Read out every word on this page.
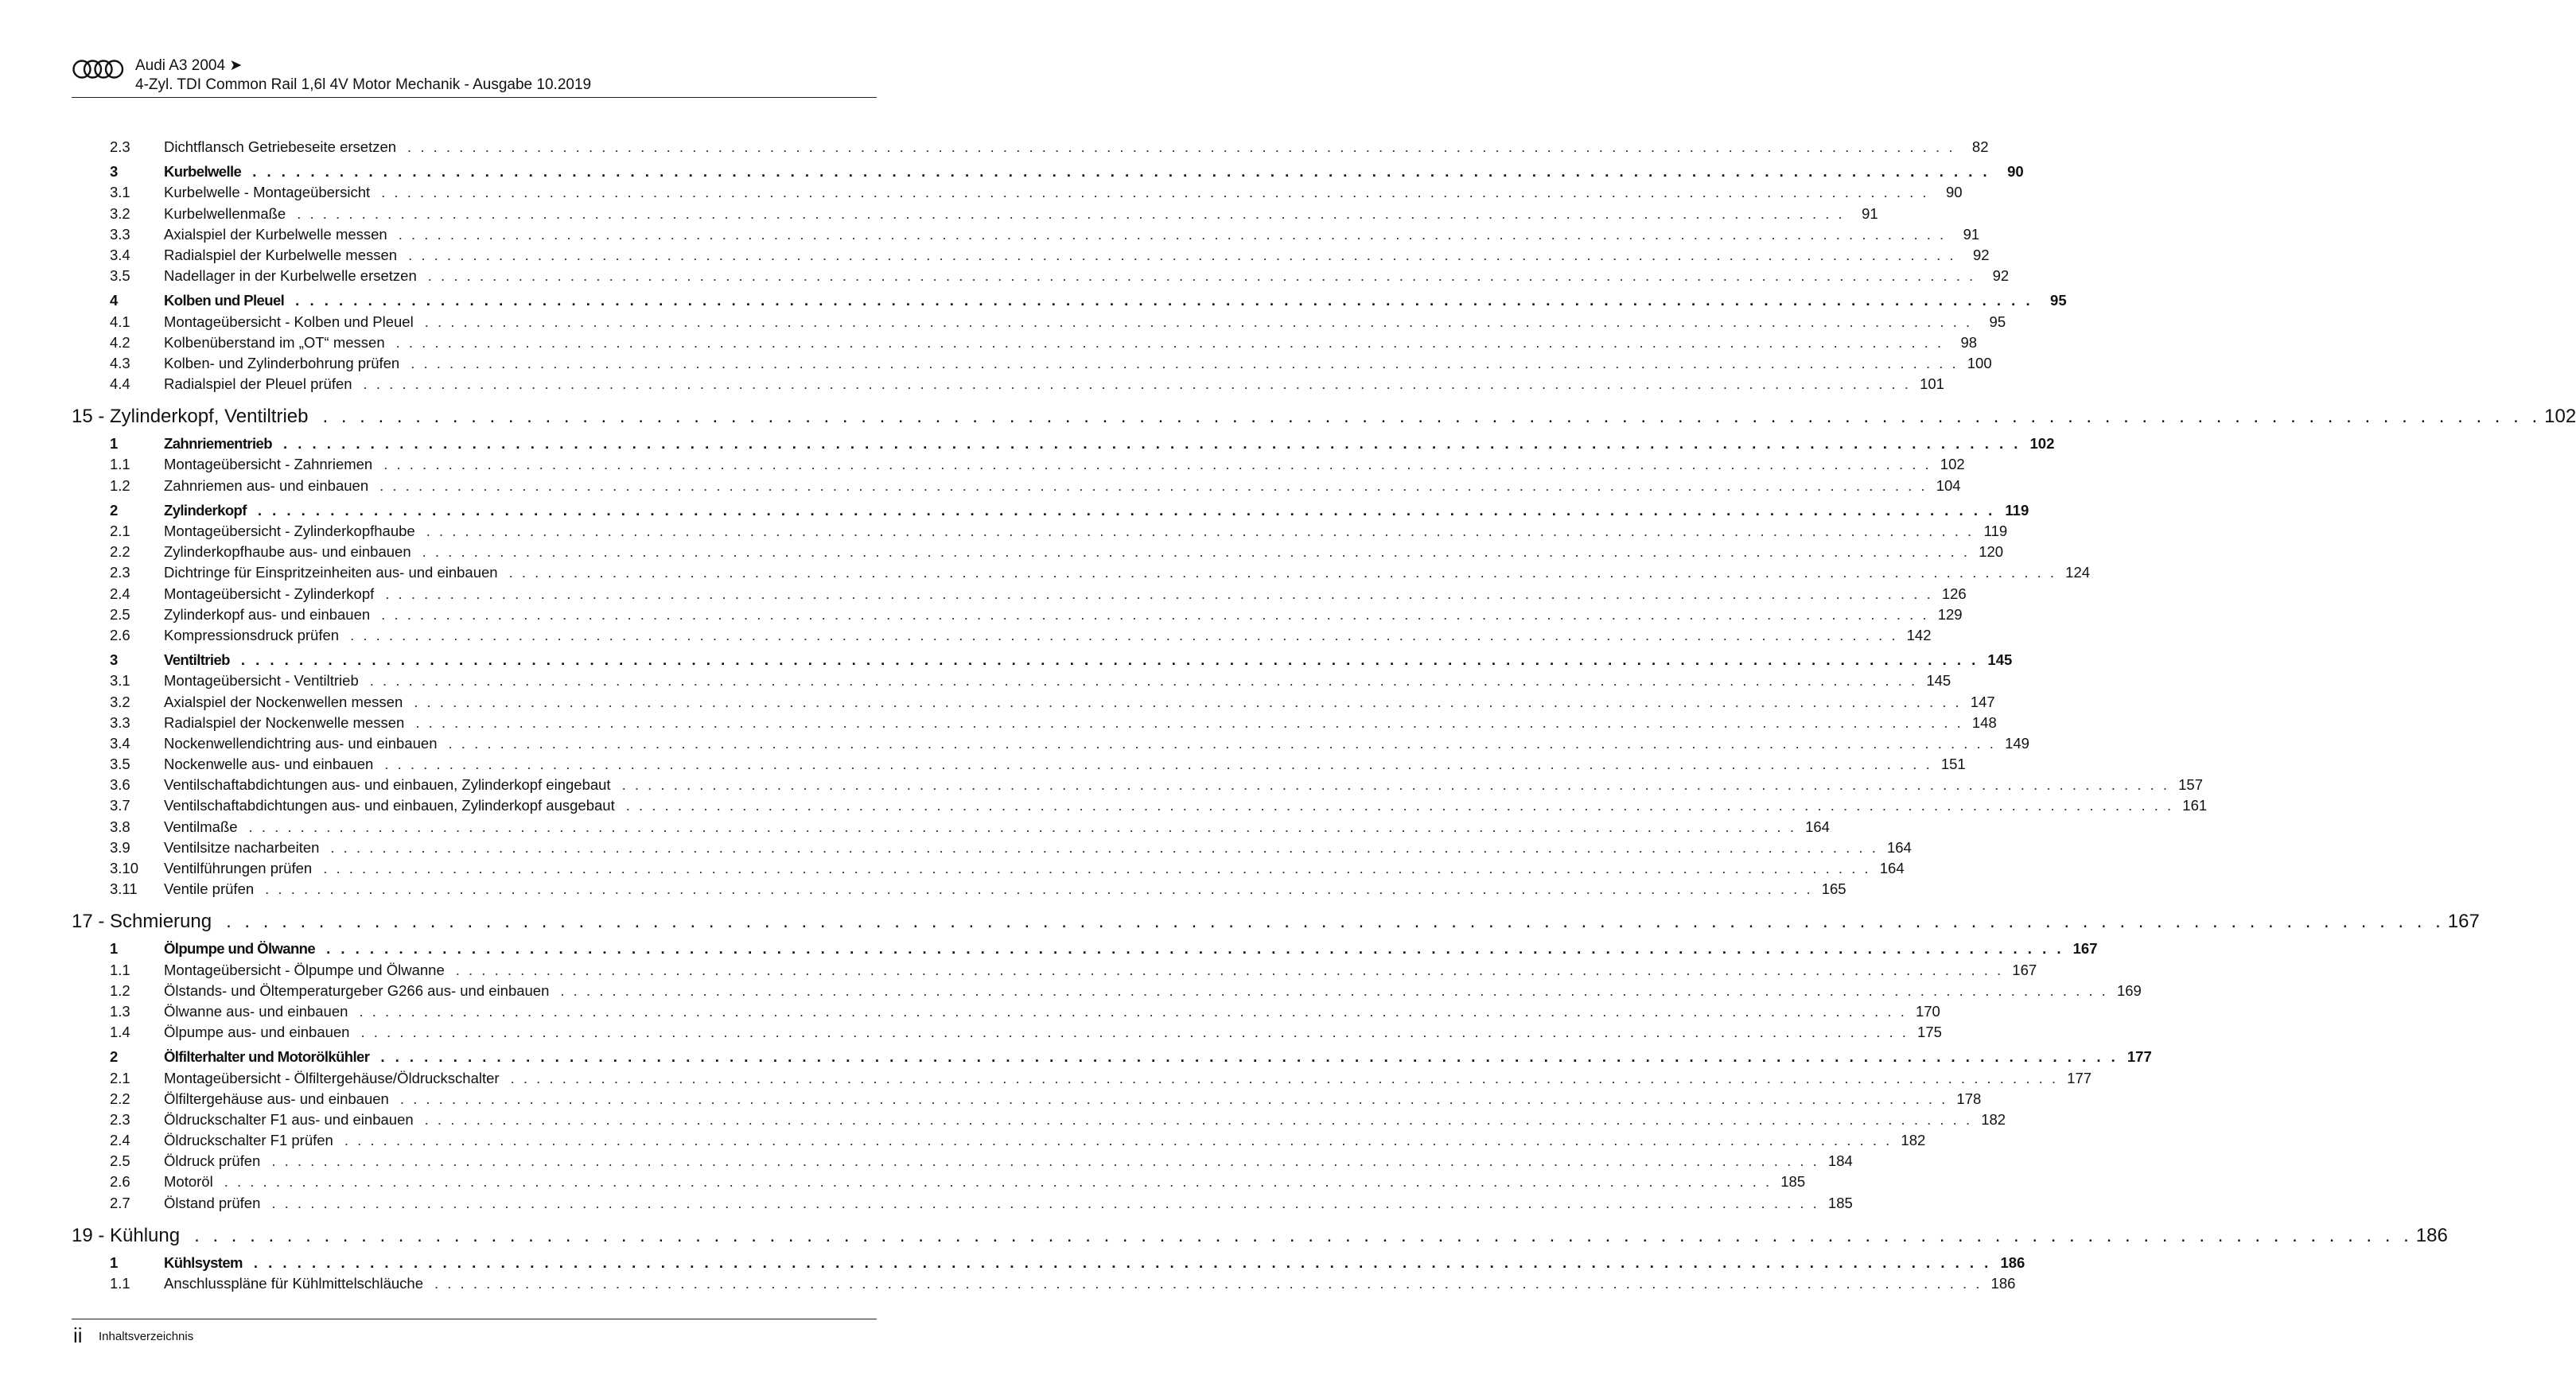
Audi A3 2004 ➤
4-Zyl. TDI Common Rail 1,6l 4V Motor Mechanik - Ausgabe 10.2019
2.3	Dichtflansch Getriebeseite ersetzen . . . . . . . . . . . . . . . . . . . . . . . . . . . . . . . . . . . . . . . . . . . . . . . . . . . . . . . . . . . . . . . . . . . . . . . . . . . . . . . . . . . . . . . . . . . . . . . . . . . . . . . . . . . . . . . . . . . . . . . .	82
3	Kurbelwelle . . . . . . . . . . . . . . . . . . . . . . . . . . . . . . . . . . . . . . . . . . . . . . . . . . . . . . . . . . . . . . . . . . . . . . . . . . . . . . . . . . . . . . . . . . . . . . . . . . . . . . . . . . . . . . . . . . . . . . . .	90
3.1	Kurbelwelle - Montageübersicht . . . . . . . . . . . . . . . . . . . . . . . . . . . . . . . . . . . . . . . . . . . . . . . . . . . . . . . . . . . . . . . . . . . . . . . . . . . . . . . . . . . . . . . . . . . . . . . . . . . . . . . . . . . . . . . . . . . . . . . .	90
3.2	Kurbelwellenmaße . . . . . . . . . . . . . . . . . . . . . . . . . . . . . . . . . . . . . . . . . . . . . . . . . . . . . . . . . . . . . . . . . . . . . . . . . . . . . . . . . . . . . . . . . . . . . . . . . . . . . . . . . . . . . . . . . . . . . . . .	91
3.3	Axialspiel der Kurbelwelle messen . . . . . . . . . . . . . . . . . . . . . . . . . . . . . . . . . . . . . . . . . . . . . . . . . . . . . . . . . . . . . . . . . . . . . . . . . . . . . . . . . . . . . . . . . . . . . . . . . . . . . . . . . . . . . . . . . . . . . . . .	91
3.4	Radialspiel der Kurbelwelle messen . . . . . . . . . . . . . . . . . . . . . . . . . . . . . . . . . . . . . . . . . . . . . . . . . . . . . . . . . . . . . . . . . . . . . . . . . . . . . . . . . . . . . . . . . . . . . . . . . . . . . . . . . . . . . . . . . . . . . . . .	92
3.5	Nadellager in der Kurbelwelle ersetzen . . . . . . . . . . . . . . . . . . . . . . . . . . . . . . . . . . . . . . . . . . . . . . . . . . . . . . . . . . . . . . . . . . . . . . . . . . . . . . . . . . . . . . . . . . . . . . . . . . . . . . . . . . . . . . . . . . . . . . . .	92
4	Kolben und Pleuel . . . . . . . . . . . . . . . . . . . . . . . . . . . . . . . . . . . . . . . . . . . . . . . . . . . . . . . . . . . . . . . . . . . . . . . . . . . . . . . . . . . . . . . . . . . . . . . . . . . . . . . . . . . . . . . . . . . . . . . .	95
4.1	Montageübersicht - Kolben und Pleuel . . . . . . . . . . . . . . . . . . . . . . . . . . . . . . . . . . . . . . . . . . . . . . . . . . . . . . . . . . . . . . . . . . . . . . . . . . . . . . . . . . . . . . . . . . . . . . . . . . . . . . . . . . . . . . . . . . . . . . . .	95
4.2	Kolbenüberstand im „OT“ messen . . . . . . . . . . . . . . . . . . . . . . . . . . . . . . . . . . . . . . . . . . . . . . . . . . . . . . . . . . . . . . . . . . . . . . . . . . . . . . . . . . . . . . . . . . . . . . . . . . . . . . . . . . . . . . . . . . . . . . . .	98
4.3	Kolben- und Zylinderbohrung prüfen . . . . . . . . . . . . . . . . . . . . . . . . . . . . . . . . . . . . . . . . . . . . . . . . . . . . . . . . . . . . . . . . . . . . . . . . . . . . . . . . . . . . . . . . . . . . . . . . . . . . . . . . . . . . . . . . . . . . . . . . 100
4.4	Radialspiel der Pleuel prüfen . . . . . . . . . . . . . . . . . . . . . . . . . . . . . . . . . . . . . . . . . . . . . . . . . . . . . . . . . . . . . . . . . . . . . . . . . . . . . . . . . . . . . . . . . . . . . . . . . . . . . . . . . . . . . . . . . . . . . . . . 101
15 - Zylinderkopf, Ventiltrieb . . . . . . . . . . . . . . . . . . . . . . . . . . . . . . . . . . . . . . . . . . . . . . . . . . . . . . . . . . . . . . . . . . . . . . . . . . . . . . . . . . . . . . . . . . . . . . . . . . . . . . . . . . . . . . . . . . . . . . . . 102
1	Zahnriementrieb . . . . . . . . . . . . . . . . . . . . . . . . . . . . . . . . . . . . . . . . . . . . . . . . . . . . . . . . . . . . . . . . . . . . . . . . . . . . . . . . . . . . . . . . . . . . . . . . . . . . . . . . . . . . . . . . . . . . . . . . 102
1.1	Montageübersicht - Zahnriemen . . . . . . . . . . . . . . . . . . . . . . . . . . . . . . . . . . . . . . . . . . . . . . . . . . . . . . . . . . . . . . . . . . . . . . . . . . . . . . . . . . . . . . . . . . . . . . . . . . . . . . . . . . . . . . . . . . . . . . . . 102
1.2	Zahnriemen aus- und einbauen . . . . . . . . . . . . . . . . . . . . . . . . . . . . . . . . . . . . . . . . . . . . . . . . . . . . . . . . . . . . . . . . . . . . . . . . . . . . . . . . . . . . . . . . . . . . . . . . . . . . . . . . . . . . . . . . . . . . . . . . 104
2	Zylinderkopf . . . . . . . . . . . . . . . . . . . . . . . . . . . . . . . . . . . . . . . . . . . . . . . . . . . . . . . . . . . . . . . . . . . . . . . . . . . . . . . . . . . . . . . . . . . . . . . . . . . . . . . . . . . . . . . . . . . . . . . . 119
2.1	Montageübersicht - Zylinderkopfhaube . . . . . . . . . . . . . . . . . . . . . . . . . . . . . . . . . . . . . . . . . . . . . . . . . . . . . . . . . . . . . . . . . . . . . . . . . . . . . . . . . . . . . . . . . . . . . . . . . . . . . . . . . . . . . . . . . . . . . . . . 119
2.2	Zylinderkopfhaube aus- und einbauen . . . . . . . . . . . . . . . . . . . . . . . . . . . . . . . . . . . . . . . . . . . . . . . . . . . . . . . . . . . . . . . . . . . . . . . . . . . . . . . . . . . . . . . . . . . . . . . . . . . . . . . . . . . . . . . . . . . . . . . . 120
2.3	Dichtringe für Einspritzeinheiten aus- und einbauen . . . . . . . . . . . . . . . . . . . . . . . . . . . . . . . . . . . . . . . . . . . . . . . . . . . . . . . . . . . . . . . . . . . . . . . . . . . . . . . . . . . . . . . . . . . . . . . . . . . . . . . . . . . . . . . . . . . . . . . . 124
2.4	Montageübersicht - Zylinderkopf . . . . . . . . . . . . . . . . . . . . . . . . . . . . . . . . . . . . . . . . . . . . . . . . . . . . . . . . . . . . . . . . . . . . . . . . . . . . . . . . . . . . . . . . . . . . . . . . . . . . . . . . . . . . . . . . . . . . . . . . 126
2.5	Zylinderkopf aus- und einbauen . . . . . . . . . . . . . . . . . . . . . . . . . . . . . . . . . . . . . . . . . . . . . . . . . . . . . . . . . . . . . . . . . . . . . . . . . . . . . . . . . . . . . . . . . . . . . . . . . . . . . . . . . . . . . . . . . . . . . . . . 129
2.6	Kompressionsdruck prüfen . . . . . . . . . . . . . . . . . . . . . . . . . . . . . . . . . . . . . . . . . . . . . . . . . . . . . . . . . . . . . . . . . . . . . . . . . . . . . . . . . . . . . . . . . . . . . . . . . . . . . . . . . . . . . . . . . . . . . . . . 142
3	Ventiltrieb . . . . . . . . . . . . . . . . . . . . . . . . . . . . . . . . . . . . . . . . . . . . . . . . . . . . . . . . . . . . . . . . . . . . . . . . . . . . . . . . . . . . . . . . . . . . . . . . . . . . . . . . . . . . . . . . . . . . . . . . 145
3.1	Montageübersicht - Ventiltrieb . . . . . . . . . . . . . . . . . . . . . . . . . . . . . . . . . . . . . . . . . . . . . . . . . . . . . . . . . . . . . . . . . . . . . . . . . . . . . . . . . . . . . . . . . . . . . . . . . . . . . . . . . . . . . . . . . . . . . . . . 145
3.2	Axialspiel der Nockenwellen messen . . . . . . . . . . . . . . . . . . . . . . . . . . . . . . . . . . . . . . . . . . . . . . . . . . . . . . . . . . . . . . . . . . . . . . . . . . . . . . . . . . . . . . . . . . . . . . . . . . . . . . . . . . . . . . . . . . . . . . . . 147
3.3	Radialspiel der Nockenwelle messen . . . . . . . . . . . . . . . . . . . . . . . . . . . . . . . . . . . . . . . . . . . . . . . . . . . . . . . . . . . . . . . . . . . . . . . . . . . . . . . . . . . . . . . . . . . . . . . . . . . . . . . . . . . . . . . . . . . . . . . . 148
3.4	Nockenwellendichtring aus- und einbauen . . . . . . . . . . . . . . . . . . . . . . . . . . . . . . . . . . . . . . . . . . . . . . . . . . . . . . . . . . . . . . . . . . . . . . . . . . . . . . . . . . . . . . . . . . . . . . . . . . . . . . . . . . . . . . . . . . . . . . . . 149
3.5	Nockenwelle aus- und einbauen . . . . . . . . . . . . . . . . . . . . . . . . . . . . . . . . . . . . . . . . . . . . . . . . . . . . . . . . . . . . . . . . . . . . . . . . . . . . . . . . . . . . . . . . . . . . . . . . . . . . . . . . . . . . . . . . . . . . . . . . 151
3.6	Ventilschaftabdichtungen aus- und einbauen, Zylinderkopf eingebaut . . . . . . . . . . . . . . . . . . . . . . . . . . . . . . . . . . . . . . . . . . . . . . . . . . . . . . . . . . . . . . . . . . . . . . . . . . . . . . . . . . . . . . . . . . . . . . . . . . . . . . . . . . . . . . . . . . . . . . . . 157
3.7	Ventilschaftabdichtungen aus- und einbauen, Zylinderkopf ausgebaut . . . . . . . . . . . . . . . . . . . . . . . . . . . . . . . . . . . . . . . . . . . . . . . . . . . . . . . . . . . . . . . . . . . . . . . . . . . . . . . . . . . . . . . . . . . . . . . . . . . . . . . . . . . . . . . . . . . . . . . . 161
3.8	Ventilmaße . . . . . . . . . . . . . . . . . . . . . . . . . . . . . . . . . . . . . . . . . . . . . . . . . . . . . . . . . . . . . . . . . . . . . . . . . . . . . . . . . . . . . . . . . . . . . . . . . . . . . . . . . . . . . . . . . . . . . . . . 164
3.9	Ventilsitze nacharbeiten . . . . . . . . . . . . . . . . . . . . . . . . . . . . . . . . . . . . . . . . . . . . . . . . . . . . . . . . . . . . . . . . . . . . . . . . . . . . . . . . . . . . . . . . . . . . . . . . . . . . . . . . . . . . . . . . . . . . . . . . 164
3.10	Ventilführungen prüfen . . . . . . . . . . . . . . . . . . . . . . . . . . . . . . . . . . . . . . . . . . . . . . . . . . . . . . . . . . . . . . . . . . . . . . . . . . . . . . . . . . . . . . . . . . . . . . . . . . . . . . . . . . . . . . . . . . . . . . . . 164
3.11	Ventile prüfen . . . . . . . . . . . . . . . . . . . . . . . . . . . . . . . . . . . . . . . . . . . . . . . . . . . . . . . . . . . . . . . . . . . . . . . . . . . . . . . . . . . . . . . . . . . . . . . . . . . . . . . . . . . . . . . . . . . . . . . . 165
17 - Schmierung . . . . . . . . . . . . . . . . . . . . . . . . . . . . . . . . . . . . . . . . . . . . . . . . . . . . . . . . . . . . . . . . . . . . . . . . . . . . . . . . . . . . . . . . . . . . . . . . . . . . . . . . . . . . . . . . . . . . . . . . 167
1	Ölpumpe und Ölwanne . . . . . . . . . . . . . . . . . . . . . . . . . . . . . . . . . . . . . . . . . . . . . . . . . . . . . . . . . . . . . . . . . . . . . . . . . . . . . . . . . . . . . . . . . . . . . . . . . . . . . . . . . . . . . . . . . . . . . . . . 167
1.1	Montageübersicht - Ölpumpe und Ölwanne . . . . . . . . . . . . . . . . . . . . . . . . . . . . . . . . . . . . . . . . . . . . . . . . . . . . . . . . . . . . . . . . . . . . . . . . . . . . . . . . . . . . . . . . . . . . . . . . . . . . . . . . . . . . . . . . . . . . . . . . 167
1.2	Ölstands- und Öltemperaturgeber G266 aus- und einbauen . . . . . . . . . . . . . . . . . . . . . . . . . . . . . . . . . . . . . . . . . . . . . . . . . . . . . . . . . . . . . . . . . . . . . . . . . . . . . . . . . . . . . . . . . . . . . . . . . . . . . . . . . . . . . . . . . . . . . . . . 169
1.3	Ölwanne aus- und einbauen . . . . . . . . . . . . . . . . . . . . . . . . . . . . . . . . . . . . . . . . . . . . . . . . . . . . . . . . . . . . . . . . . . . . . . . . . . . . . . . . . . . . . . . . . . . . . . . . . . . . . . . . . . . . . . . . . . . . . . . . 170
1.4	Ölpumpe aus- und einbauen . . . . . . . . . . . . . . . . . . . . . . . . . . . . . . . . . . . . . . . . . . . . . . . . . . . . . . . . . . . . . . . . . . . . . . . . . . . . . . . . . . . . . . . . . . . . . . . . . . . . . . . . . . . . . . . . . . . . . . . . 175
2	Ölfilterhalter und Motorölkühler . . . . . . . . . . . . . . . . . . . . . . . . . . . . . . . . . . . . . . . . . . . . . . . . . . . . . . . . . . . . . . . . . . . . . . . . . . . . . . . . . . . . . . . . . . . . . . . . . . . . . . . . . . . . . . . . . . . . . . . . 177
2.1	Montageübersicht - Ölfiltergehäuse/Öldruckschalter . . . . . . . . . . . . . . . . . . . . . . . . . . . . . . . . . . . . . . . . . . . . . . . . . . . . . . . . . . . . . . . . . . . . . . . . . . . . . . . . . . . . . . . . . . . . . . . . . . . . . . . . . . . . . . . . . . . . . . . . 177
2.2	Ölfiltergehäuse aus- und einbauen . . . . . . . . . . . . . . . . . . . . . . . . . . . . . . . . . . . . . . . . . . . . . . . . . . . . . . . . . . . . . . . . . . . . . . . . . . . . . . . . . . . . . . . . . . . . . . . . . . . . . . . . . . . . . . . . . . . . . . . . 178
2.3	Öldruckschalter F1 aus- und einbauen . . . . . . . . . . . . . . . . . . . . . . . . . . . . . . . . . . . . . . . . . . . . . . . . . . . . . . . . . . . . . . . . . . . . . . . . . . . . . . . . . . . . . . . . . . . . . . . . . . . . . . . . . . . . . . . . . . . . . . . . 182
2.4	Öldruckschalter F1 prüfen . . . . . . . . . . . . . . . . . . . . . . . . . . . . . . . . . . . . . . . . . . . . . . . . . . . . . . . . . . . . . . . . . . . . . . . . . . . . . . . . . . . . . . . . . . . . . . . . . . . . . . . . . . . . . . . . . . . . . . . . 182
2.5	Öldruck prüfen . . . . . . . . . . . . . . . . . . . . . . . . . . . . . . . . . . . . . . . . . . . . . . . . . . . . . . . . . . . . . . . . . . . . . . . . . . . . . . . . . . . . . . . . . . . . . . . . . . . . . . . . . . . . . . . . . . . . . . . . 184
2.6	Motoröl . . . . . . . . . . . . . . . . . . . . . . . . . . . . . . . . . . . . . . . . . . . . . . . . . . . . . . . . . . . . . . . . . . . . . . . . . . . . . . . . . . . . . . . . . . . . . . . . . . . . . . . . . . . . . . . . . . . . . . . . 185
2.7	Ölstand prüfen . . . . . . . . . . . . . . . . . . . . . . . . . . . . . . . . . . . . . . . . . . . . . . . . . . . . . . . . . . . . . . . . . . . . . . . . . . . . . . . . . . . . . . . . . . . . . . . . . . . . . . . . . . . . . . . . . . . . . . . . 185
19 - Kühlung . . . . . . . . . . . . . . . . . . . . . . . . . . . . . . . . . . . . . . . . . . . . . . . . . . . . . . . . . . . . . . . . . . . . . . . . . . . . . . . . . . . . . . . . . . . . . . . . . . . . . . . . . . . . . . . . . . . . . . . . 186
1	Kühlsystem . . . . . . . . . . . . . . . . . . . . . . . . . . . . . . . . . . . . . . . . . . . . . . . . . . . . . . . . . . . . . . . . . . . . . . . . . . . . . . . . . . . . . . . . . . . . . . . . . . . . . . . . . . . . . . . . . . . . . . . . 186
1.1	Anschlusspläne für Kühlmittelschläuche . . . . . . . . . . . . . . . . . . . . . . . . . . . . . . . . . . . . . . . . . . . . . . . . . . . . . . . . . . . . . . . . . . . . . . . . . . . . . . . . . . . . . . . . . . . . . . . . . . . . . . . . . . . . . . . . . . . . . . . . 186
ii Inhaltsverzeichnis
